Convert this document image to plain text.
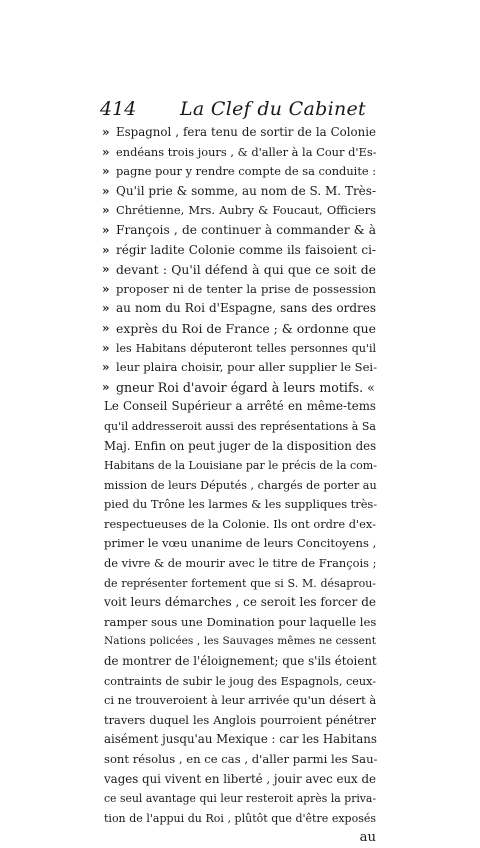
414 La Clef du Cabinet
» Espagnol , fera tenu de sortir de la Colonie
» endéans trois jours , & d'aller à la Cour d'Es-
» pagne pour y rendre compte de sa conduite :
» Qu'il prie & somme, au nom de S. M. Très-
» Chrétienne, Mrs. Aubry & Foucaut, Officiers
» François , de continuer à commander & à
» régir ladite Colonie comme ils faisoient ci-
» devant : Qu'il défend à qui que ce soit de
» proposer ni de tenter la prise de possession
» au nom du Roi d'Espagne, sans des ordres
» exprès du Roi de France ; & ordonne que
» les Habitans députeront telles personnes qu'il
» leur plaira choisir, pour aller supplier le Sei-
» gneur Roi d'avoir égard à leurs motifs. «
Le Conseil Supérieur a arrêté en même-tems
qu'il addresseroit aussi des représentations à Sa
Maj. Enfin on peut juger de la disposition des
Habitans de la Louisiane par le précis de la com-
mission de leurs Députés , chargés de porter au
pied du Trône les larmes & les suppliques très-
respectueuses de la Colonie. Ils ont ordre d'ex-
primer le vœu unanime de leurs Concitoyens ,
de vivre & de mourir avec le titre de François ;
de représenter fortement que si S. M. désaprou-
voit leurs démarches , ce seroit les forcer de
ramper sous une Domination pour laquelle les
Nations policées , les Sauvages mêmes ne cessent
de montrer de l'éloignement; que s'ils étoient
contraints de subir le joug des Espagnols, ceux-
ci ne trouveroient à leur arrivée qu'un désert à
travers duquel les Anglois pourroient pénétrer
aisément jusqu'au Mexique : car les Habitans
sont résolus , en ce cas , d'aller parmi les Sau-
vages qui vivent en liberté , jouir avec eux de
ce seul avantage qui leur resteroit après la priva-
tion de l'appui du Roi , plûtôt que d'être exposés
au
